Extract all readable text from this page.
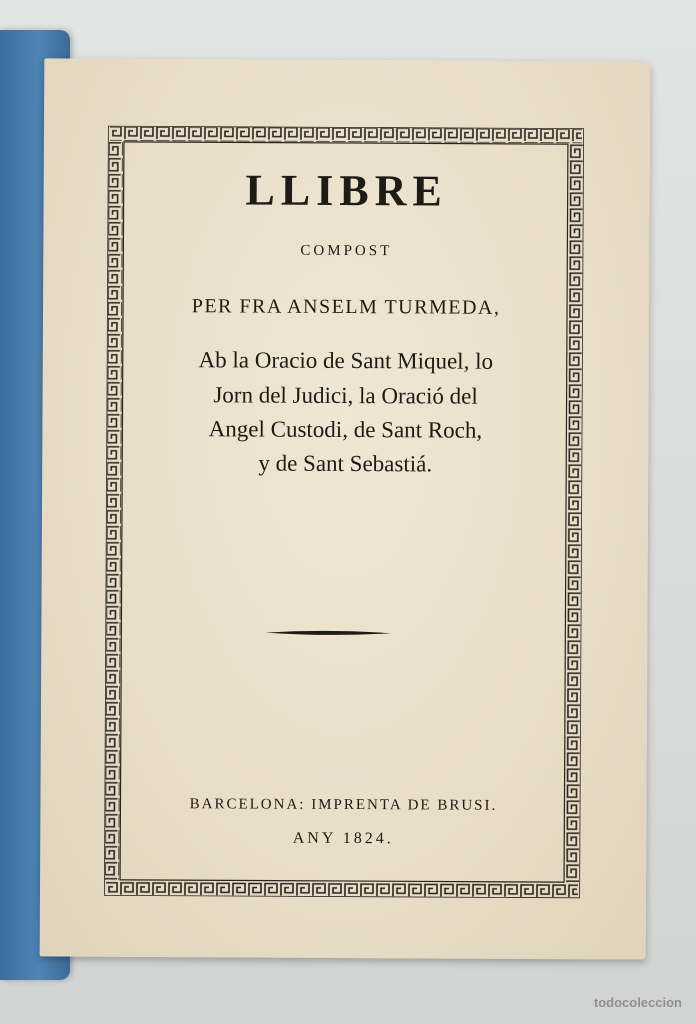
LLIBRE
COMPOST
PER FRA ANSELM TURMEDA,
Ab la Oracio de Sant Miquel, lo
Jorn del Judici, la Oració del
Angel Custodi, de Sant Roch,
y de Sant Sebastiá.
BARCELONA: IMPRENTA DE BRUSI.
ANY 1824.
todocoleccion
